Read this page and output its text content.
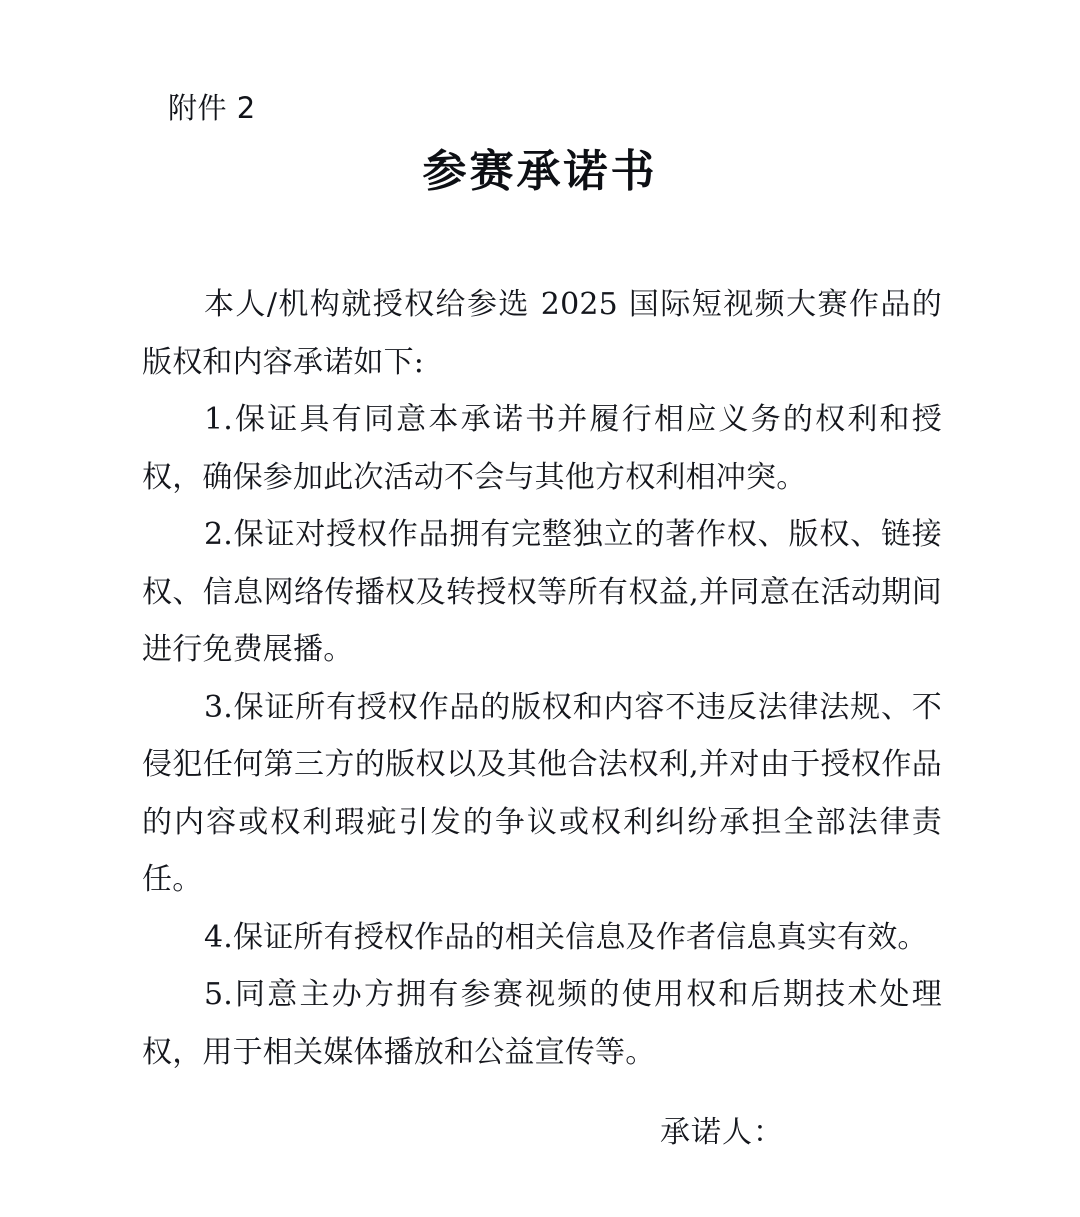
附件 2
参赛承诺书

本人/机构就授权给参选 2025 国际短视频大赛作品的版权和内容承诺如下:

1.保证具有同意本承诺书并履行相应义务的权利和授权，确保参加此次活动不会与其他方权利相冲突。

2.保证对授权作品拥有完整独立的著作权、版权、链接权、信息网络传播权及转授权等所有权益,并同意在活动期间进行免费展播。

3.保证所有授权作品的版权和内容不违反法律法规、不侵犯任何第三方的版权以及其他合法权利,并对由于授权作品的内容或权利瑕疵引发的争议或权利纠纷承担全部法律责任。

4.保证所有授权作品的相关信息及作者信息真实有效。

5.同意主办方拥有参赛视频的使用权和后期技术处理权，用于相关媒体播放和公益宣传等。

承诺人：
